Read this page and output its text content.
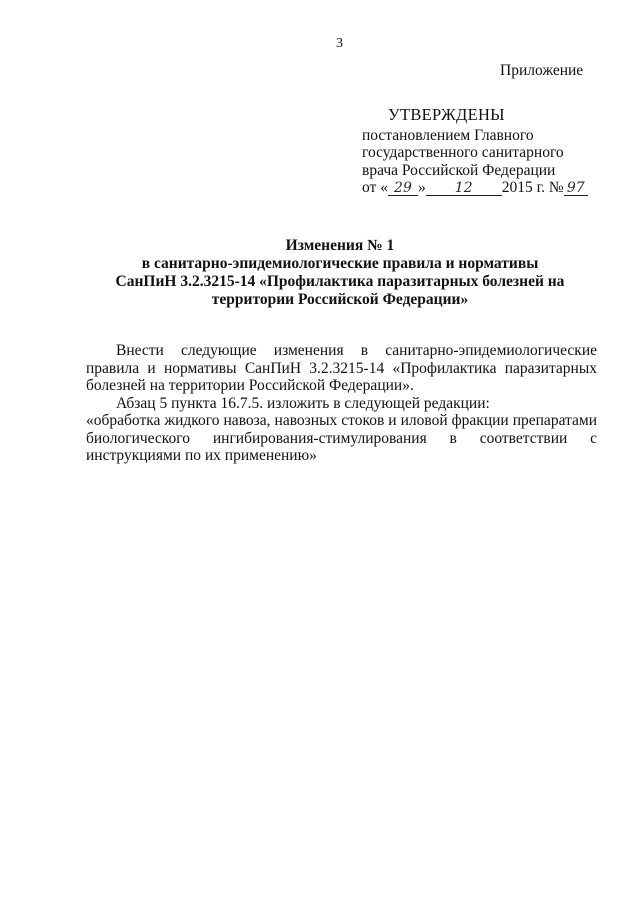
3
Приложение
УТВЕРЖДЕНЫ
постановлением Главного
государственного санитарного
врача Российской Федерации
от « 29 » 12 2015 г. № 97
Изменения № 1
в санитарно-эпидемиологические правила и нормативы
СанПиН 3.2.3215-14 «Профилактика паразитарных болезней на
территории Российской Федерации»

Внести следующие изменения в санитарно-эпидемиологические правила и нормативы СанПиН 3.2.3215-14 «Профилактика паразитарных болезней на территории Российской Федерации».

Абзац 5 пункта 16.7.5. изложить в следующей редакции:

«обработка жидкого навоза, навозных стоков и иловой фракции препаратами биологического ингибирования-стимулирования в соответствии с инструкциями по их применению»
